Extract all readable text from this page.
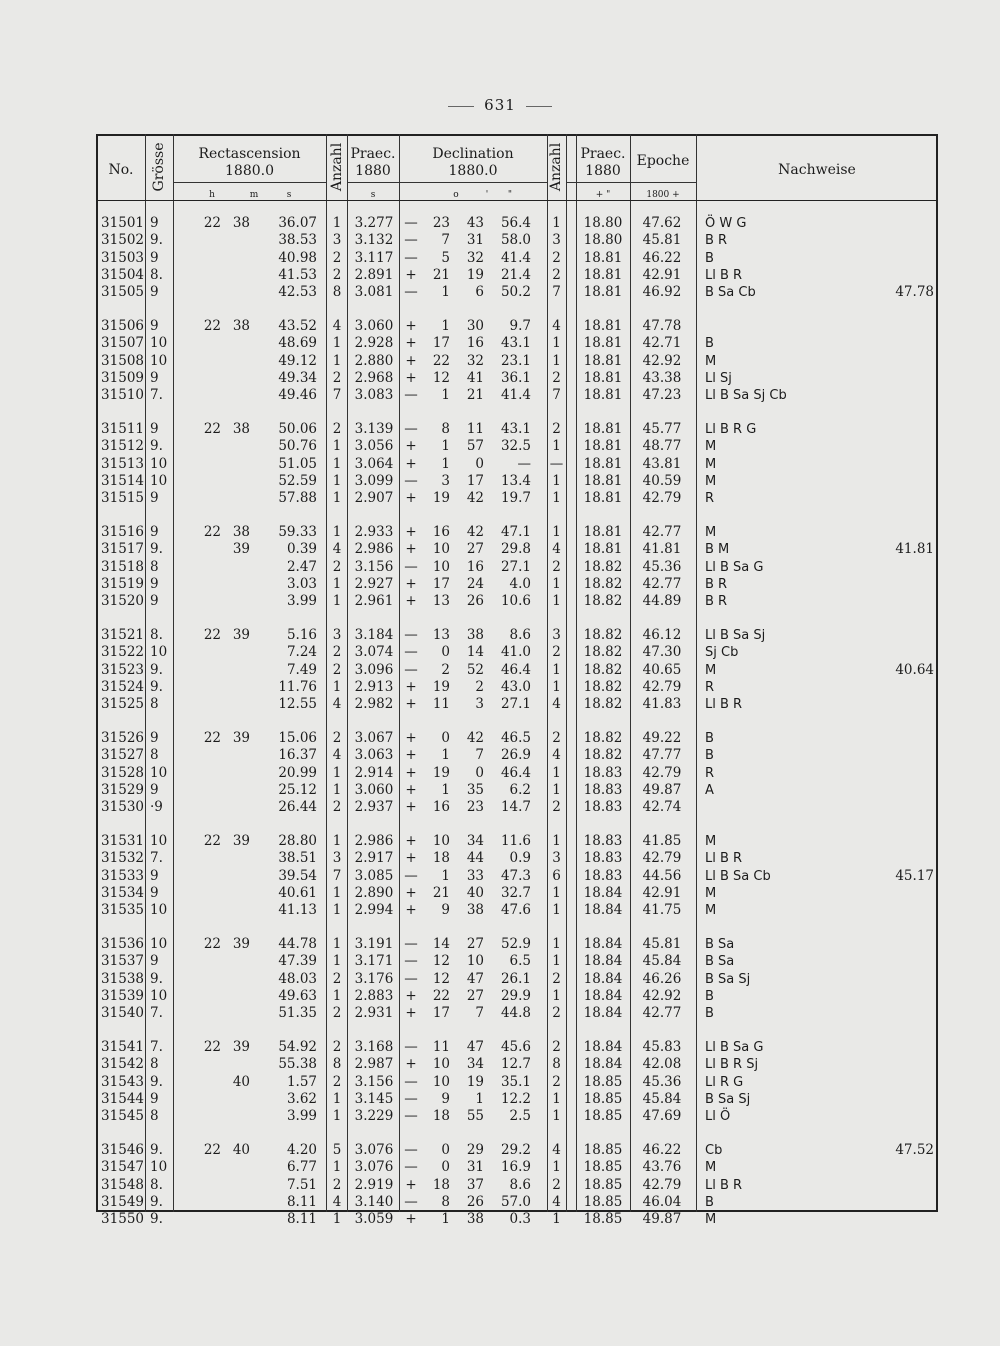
631
No.	Grösse	Rectascension
1880.0
h	m	s
Anzahl Praec.
1880
s
Declination
1880.0
o	'	"
Anzahl	Praec.
1880
+ "
Epoche
1800 +
Nachweise
31501 9	22 38	36.07	1 3.277 —	23	43	56.4	1	18.80	47.62	Ö W G
31502 9.	38.53	3 3.132 —	7	31	58.0	3	18.80	45.81	B R
31503 9	40.98	2 3.117 —	5	32	41.4	2	18.81	46.22	B
31504 8.	41.53	2 2.891 +	21	19	21.4	2	18.81	42.91	Ll B R
31505 9	42.53	8 3.081 —	1	6	50.2	7	18.81	46.92	B Sa Cb	47.78
31506 9	22 38	43.52	4 3.060 +	1	30	9.7	4	18.81	47.78
31507 10	48.69	1 2.928 +	17	16	43.1	1	18.81	42.71	B
31508 10	49.12	1 2.880 +	22	32	23.1	1	18.81	42.92	M
31509 9	49.34	2 2.968 +	12	41	36.1	2	18.81	43.38	Ll Sj
31510 7.	49.46	7 3.083 —	1	21	41.4	7	18.81	47.23	Ll B Sa Sj Cb
31511 9	22 38	50.06	2 3.139 —	8	11	43.1	2	18.81	45.77	Ll B R G
31512 9.	50.76	1 3.056 +	1	57	32.5	1	18.81	48.77	M
31513 10	51.05	1 3.064 +	1	0	— —	18.81	43.81	M
31514 10	52.59	1 3.099 —	3	17	13.4	1	18.81	40.59	M
31515 9	57.88	1 2.907 +	19	42	19.7	1	18.81	42.79	R
31516 9	22 38	59.33	1 2.933 +	16	42	47.1	1	18.81	42.77	M
31517 9.	39	0.39	4 2.986 +	10	27	29.8	4	18.81	41.81	B M	41.81
31518 8	2.47	2 3.156 —	10	16	27.1	2	18.82	45.36	Ll B Sa G
31519 9	3.03	1 2.927 +	17	24	4.0	1	18.82	42.77	B R
31520 9	3.99	1 2.961 +	13	26	10.6	1	18.82	44.89	B R
31521 8.	22 39	5.16	3 3.184 —	13	38	8.6	3	18.82	46.12	Ll B Sa Sj
31522 10	7.24	2 3.074 —	0	14	41.0	2	18.82	47.30	Sj Cb
31523 9.	7.49	2 3.096 —	2	52	46.4	1	18.82	40.65	M	40.64
31524 9.	11.76	1 2.913 +	19	2	43.0	1	18.82	42.79	R
31525 8	12.55	4 2.982 +	11	3	27.1	4	18.82	41.83	Ll B R
31526 9	22 39	15.06	2 3.067 +	0	42	46.5	2	18.82	49.22	B
31527 8	16.37	4 3.063 +	1	7	26.9	4	18.82	47.77	B
31528 10	20.99	1 2.914 +	19	0	46.4	1	18.83	42.79	R
31529 9	25.12	1 3.060 +	1	35	6.2	1	18.83	49.87	A
31530 ·9	26.44	2 2.937 +	16	23	14.7	2	18.83	42.74
31531 10	22 39	28.80	1 2.986 +	10	34	11.6	1	18.83	41.85	M
31532 7.	38.51	3 2.917 +	18	44	0.9	3	18.83	42.79	Ll B R
31533 9	39.54	7 3.085 —	1	33	47.3	6	18.83	44.56	Ll B Sa Cb	45.17
31534 9	40.61	1 2.890 +	21	40	32.7	1	18.84	42.91	M
31535 10	41.13	1 2.994 +	9	38	47.6	1	18.84	41.75	M
31536 10	22 39	44.78	1 3.191 —	14	27	52.9	1	18.84	45.81	B Sa
31537 9	47.39	1 3.171 —	12	10	6.5	1	18.84	45.84	B Sa
31538 9.	48.03	2 3.176 —	12	47	26.1	2	18.84	46.26	B Sa Sj
31539 10	49.63	1 2.883 +	22	27	29.9	1	18.84	42.92	B
31540 7.	51.35	2 2.931 +	17	7	44.8	2	18.84	42.77	B
31541 7.	22 39	54.92	2 3.168 —	11	47	45.6	2	18.84	45.83	Ll B Sa G
31542 8	55.38	8 2.987 +	10	34	12.7	8	18.84	42.08	Ll B R Sj
31543 9.	40	1.57	2 3.156 —	10	19	35.1	2	18.85	45.36	Ll R G
31544 9	3.62	1 3.145 —	9	1	12.2	1	18.85	45.84	B Sa Sj
31545 8	3.99	1 3.229 —	18	55	2.5	1	18.85	47.69	Ll Ö
31546 9.	22 40	4.20	5 3.076 —	0	29	29.2	4	18.85	46.22	Cb	47.52
31547 10	6.77	1 3.076 —	0	31	16.9	1	18.85	43.76	M
31548 8.	7.51	2 2.919 +	18	37	8.6	2	18.85	42.79	Ll B R
31549 9.	8.11	4 3.140 —	8	26	57.0	4	18.85	46.04	B
31550 9.	8.11	1 3.059 +	1	38	0.3	1	18.85	49.87	M
